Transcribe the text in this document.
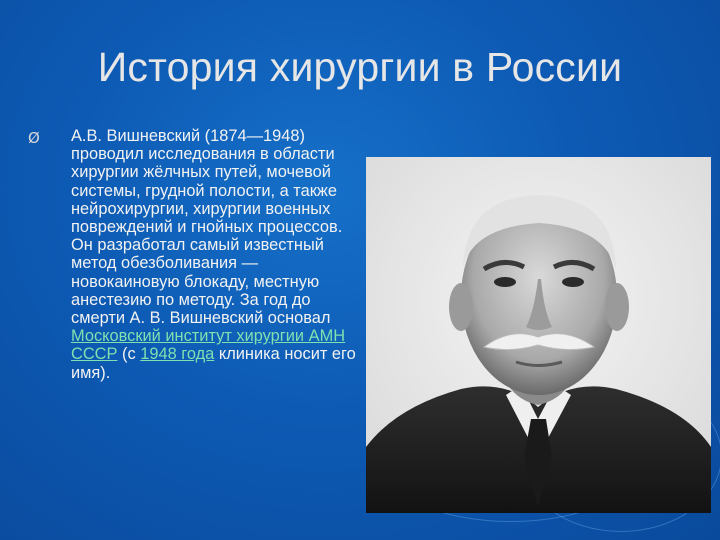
История хирургии в России
Ø А.В. Вишневский (1874—1948) проводил исследования в области хирургии жёлчных путей, мочевой системы, грудной полости, а также нейрохирургии, хирургии военных повреждений и гнойных процессов. Он разработал самый известный метод обезболивания — новокаиновую блокаду, местную анестезию по методу. За год до смерти А. В. Вишневский основал Московский институт хирургии АМН СССР (с 1948 года клиника носит его имя).
